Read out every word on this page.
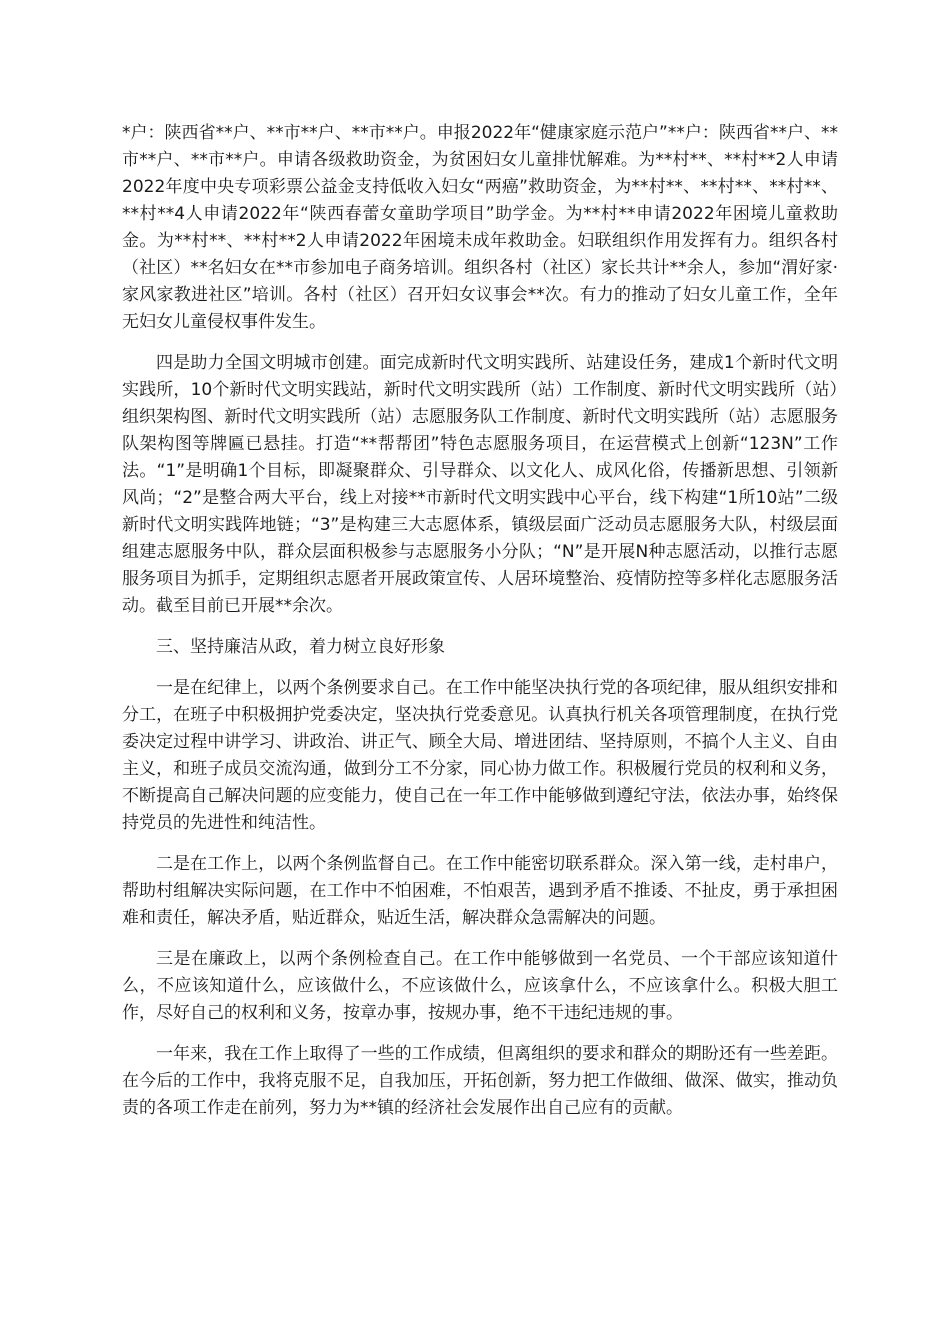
*户：陕西省**户、**市**户、**市**户。申报2022年“健康家庭示范户”**户：陕西省**户、**市**户、**市**户。申请各级救助资金，为贫困妇女儿童排忧解难。为**村**、**村**2人申请2022年度中央专项彩票公益金支持低收入妇女“两癌”救助资金，为**村**、**村**、**村**、**村**4人申请2022年“陕西春蕾女童助学项目”助学金。为**村**申请2022年困境儿童救助金。为**村**、**村**2人申请2022年困境未成年救助金。妇联组织作用发挥有力。组织各村（社区）**名妇女在**市参加电子商务培训。组织各村（社区）家长共计**余人，参加“渭好家·家风家教进社区”培训。各村（社区）召开妇女议事会**次。有力的推动了妇女儿童工作，全年无妇女儿童侵权事件发生。

四是助力全国文明城市创建。面完成新时代文明实践所、站建设任务，建成1个新时代文明实践所，10个新时代文明实践站，新时代文明实践所（站）工作制度、新时代文明实践所（站）组织架构图、新时代文明实践所（站）志愿服务队工作制度、新时代文明实践所（站）志愿服务队架构图等牌匾已悬挂。打造“**帮帮团”特色志愿服务项目，在运营模式上创新“123N”工作法。“1”是明确1个目标，即凝聚群众、引导群众、以文化人、成风化俗，传播新思想、引领新风尚；“2”是整合两大平台，线上对接**市新时代文明实践中心平台，线下构建“1所10站”二级新时代文明实践阵地链；“3”是构建三大志愿体系，镇级层面广泛动员志愿服务大队，村级层面组建志愿服务中队，群众层面积极参与志愿服务小分队；“N”是开展N种志愿活动，以推行志愿服务项目为抓手，定期组织志愿者开展政策宣传、人居环境整治、疫情防控等多样化志愿服务活动。截至目前已开展**余次。

三、坚持廉洁从政，着力树立良好形象

一是在纪律上，以两个条例要求自己。在工作中能坚决执行党的各项纪律，服从组织安排和分工，在班子中积极拥护党委决定，坚决执行党委意见。认真执行机关各项管理制度，在执行党委决定过程中讲学习、讲政治、讲正气、顾全大局、增进团结、坚持原则，不搞个人主义、自由主义，和班子成员交流沟通，做到分工不分家，同心协力做工作。积极履行党员的权利和义务，不断提高自己解决问题的应变能力，使自己在一年工作中能够做到遵纪守法，依法办事，始终保持党员的先进性和纯洁性。

二是在工作上，以两个条例监督自己。在工作中能密切联系群众。深入第一线，走村串户，帮助村组解决实际问题，在工作中不怕困难，不怕艰苦，遇到矛盾不推诿、不扯皮，勇于承担困难和责任，解决矛盾，贴近群众，贴近生活，解决群众急需解决的问题。

三是在廉政上，以两个条例检查自己。在工作中能够做到一名党员、一个干部应该知道什么，不应该知道什么，应该做什么，不应该做什么，应该拿什么，不应该拿什么。积极大胆工作，尽好自己的权利和义务，按章办事，按规办事，绝不干违纪违规的事。

一年来，我在工作上取得了一些的工作成绩，但离组织的要求和群众的期盼还有一些差距。在今后的工作中，我将克服不足，自我加压，开拓创新，努力把工作做细、做深、做实，推动负责的各项工作走在前列，努力为**镇的经济社会发展作出自己应有的贡献。
